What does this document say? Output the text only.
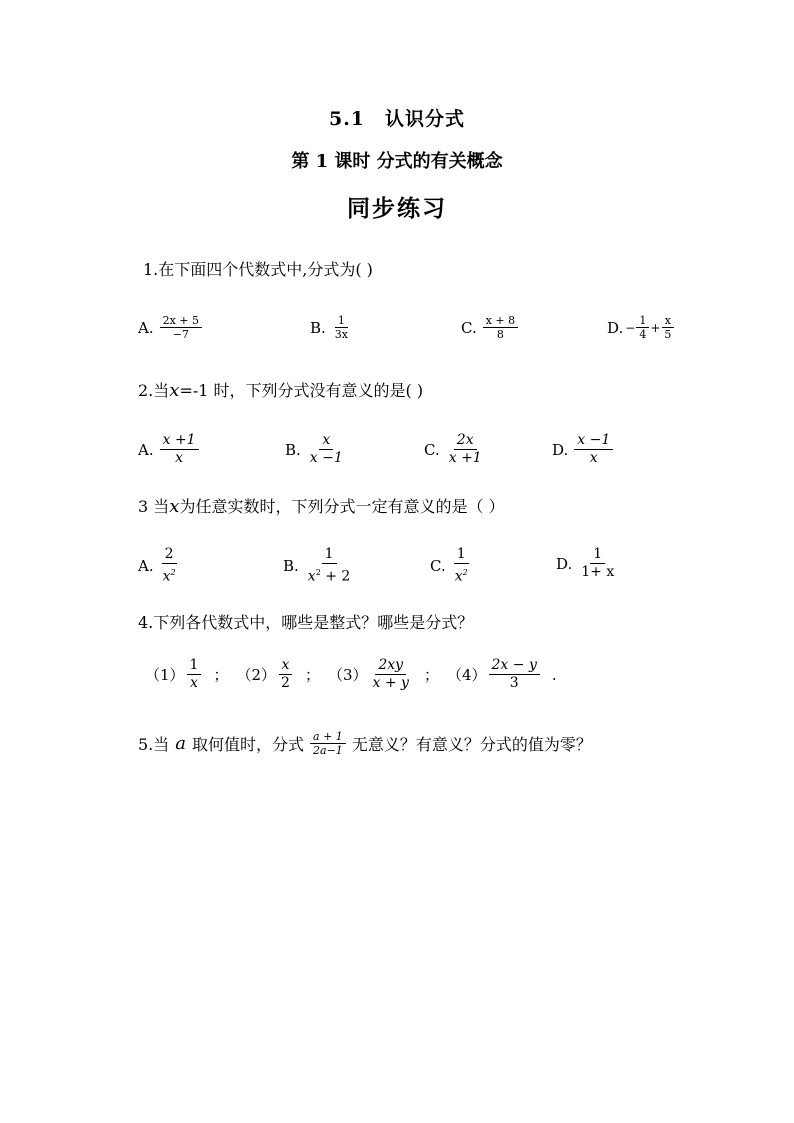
5.1　认识分式
第 1 课时 分式的有关概念
同步练习
1.在下面四个代数式中,分式为( )
A. $\frac{2x + 5}{-7}$	B. $\frac{1}{3x}$	C. $\frac{x + 8}{8}$	D. − $\frac{1}{4} + \frac{x}{5}$
2.当x=-1 时，下列分式没有意义的是( )
A. $\frac{x +1}{x}$	B. $\frac{x}{x -1}$	C. $\frac{2x}{x +1}$	D. $\frac{x -1}{x}$
3 当x为任意实数时，下列分式一定有意义的是（ ）
A. $\frac{2}{x^2}$	B. $\frac{1}{x^2 + 2}$	C. $\frac{1}{x^2}$	D. $\frac{1}{1+ x}$
4.下列各代数式中，哪些是整式？哪些是分式？
$(1) \frac{1}{x}$ ； $(2) \frac{x}{2}$ ； $(3) \frac{2xy}{x + y}$ ； $(4) \frac{2x - y}{3}$ .
5.当 a 取何值时，分式 $\frac{a + 1}{2a-1}$ 无意义？有意义？分式的值为零？
